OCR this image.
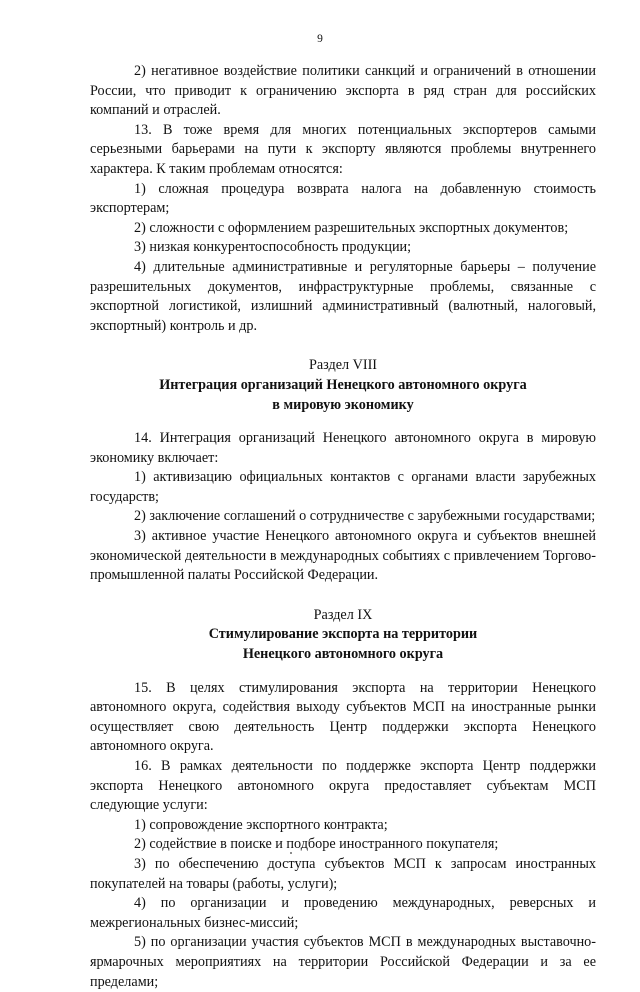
9

2) негативное воздействие политики санкций и ограничений в отношении России, что приводит к ограничению экспорта в ряд стран для российских компаний и отраслей.

13. В тоже время для многих потенциальных экспортеров самыми серьезными барьерами на пути к экспорту являются проблемы внутреннего характера. К таким проблемам относятся:

1) сложная процедура возврата налога на добавленную стоимость экспортерам;

2) сложности с оформлением разрешительных экспортных документов;

3) низкая конкурентоспособность продукции;

4) длительные административные и регуляторные барьеры – получение разрешительных документов, инфраструктурные проблемы, связанные с экспортной логистикой, излишний административный (валютный, налоговый, экспортный) контроль и др.

Раздел VIII
Интеграция организаций Ненецкого автономного округа
в мировую экономику

14. Интеграция организаций Ненецкого автономного округа в мировую экономику включает:

1) активизацию официальных контактов с органами власти зарубежных государств;

2) заключение соглашений о сотрудничестве с зарубежными государствами;

3) активное участие Ненецкого автономного округа и субъектов внешней экономической деятельности в международных событиях с привлечением Торгово-промышленной палаты Российской Федерации.

Раздел IX
Стимулирование экспорта на территории
Ненецкого автономного округа

15. В целях стимулирования экспорта на территории Ненецкого автономного округа, содействия выходу субъектов МСП на иностранные рынки осуществляет свою деятельность Центр поддержки экспорта Ненецкого автономного округа.

16. В рамках деятельности по поддержке экспорта Центр поддержки экспорта Ненецкого автономного округа предоставляет субъектам МСП следующие услуги:

1) сопровождение экспортного контракта;

2) содействие в поиске и подборе иностранного покупателя;

3) по обеспечению доступа субъектов МСП к запросам иностранных покупателей на товары (работы, услуги);

4) по организации и проведению международных, реверсных и межрегиональных бизнес-миссий;

5) по организации участия субъектов МСП в международных выставочно-ярмарочных мероприятиях на территории Российской Федерации и за ее пределами;
